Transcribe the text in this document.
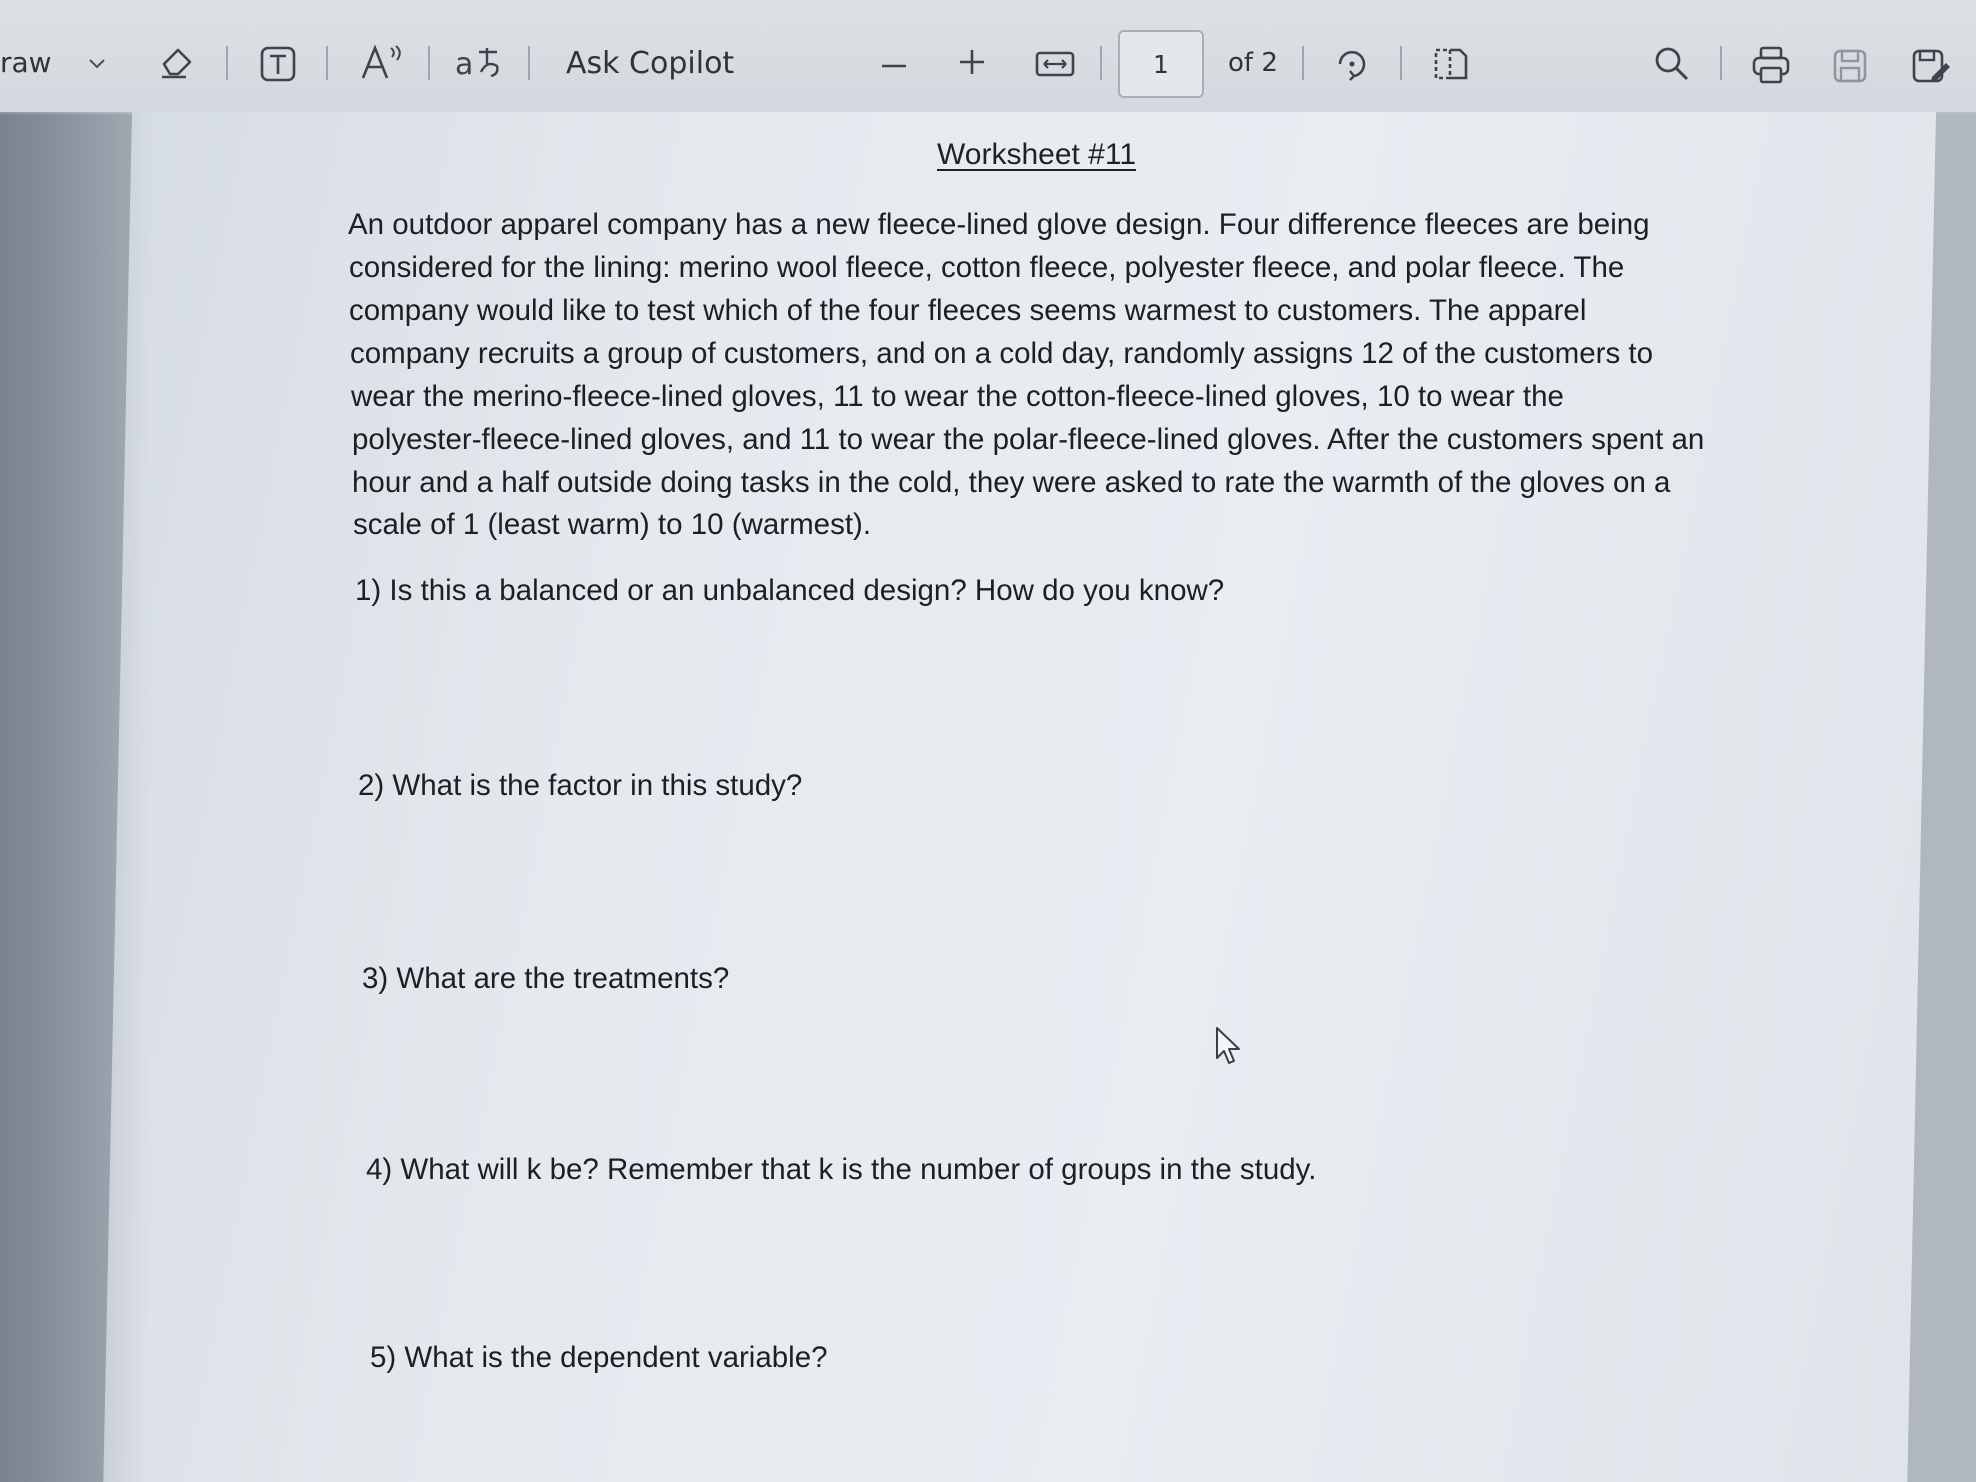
raw	a	Ask Copilot	1 of 2
Worksheet #11
An outdoor apparel company has a new fleece-lined glove design. Four difference fleeces are being
considered for the lining: merino wool fleece, cotton fleece, polyester fleece, and polar fleece. The
company would like to test which of the four fleeces seems warmest to customers. The apparel
company recruits a group of customers, and on a cold day, randomly assigns 12 of the customers to
wear the merino-fleece-lined gloves, 11 to wear the cotton-fleece-lined gloves, 10 to wear the
polyester-fleece-lined gloves, and 11 to wear the polar-fleece-lined gloves. After the customers spent an
hour and a half outside doing tasks in the cold, they were asked to rate the warmth of the gloves on a
scale of 1 (least warm) to 10 (warmest).
1) Is this a balanced or an unbalanced design? How do you know?
2) What is the factor in this study?
3) What are the treatments?
4) What will k be? Remember that k is the number of groups in the study.
5) What is the dependent variable?
